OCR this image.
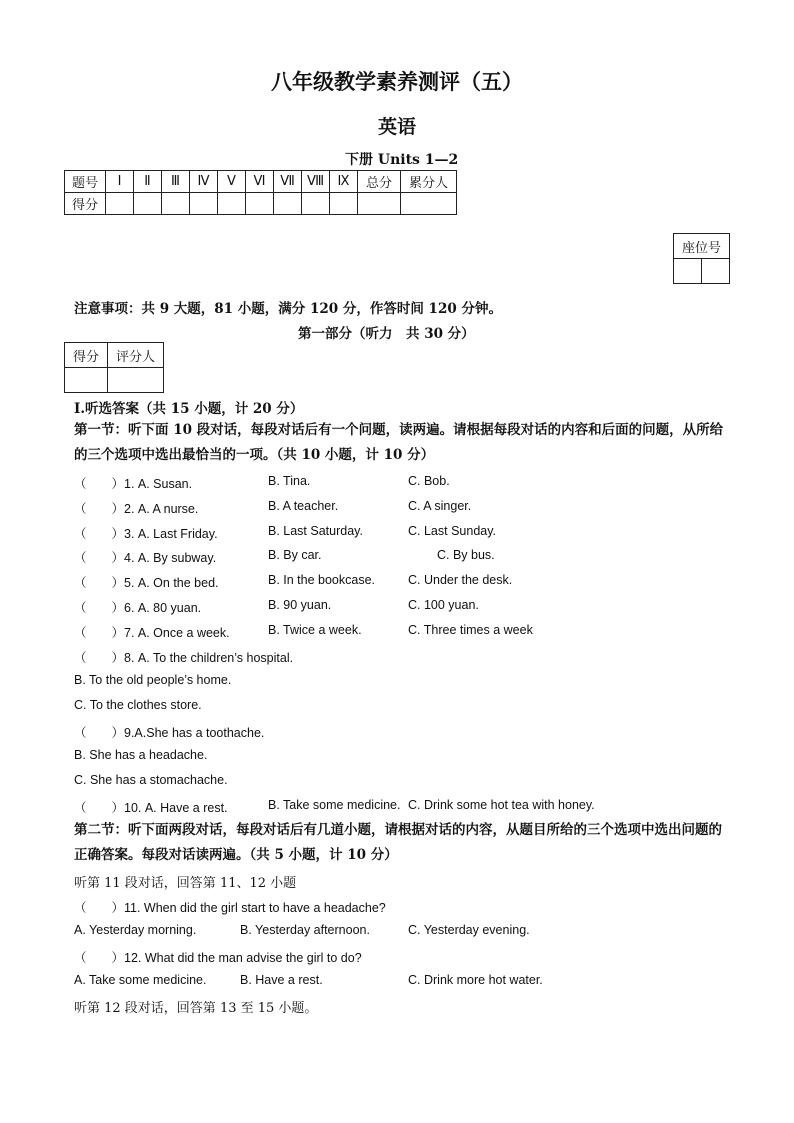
八年级教学素养测评（五）
英语
下册 Units 1—2
题号	Ⅰ	Ⅱ	Ⅲ	Ⅳ	Ⅴ	Ⅵ	Ⅶ	Ⅷ	Ⅸ	总分	累分人
得分											
座位号

注意事项：共 9 大题，81 小题，满分 120 分，作答时间 120 分钟。
第一部分（听力　共 30 分）
得分	评分人

Ⅰ.听选答案（共 15 小题，计 20 分）
第一节：听下面 10 段对话，每段对话后有一个问题，读两遍。请根据每段对话的内容和后面的问题，从所给的三个选项中选出最恰当的一项。（共 10 小题，计 10 分）
（　　）1. A. Susan.	B. Tina.	C. Bob.
（　　）2. A. A nurse.	B. A teacher.	C. A singer.
（　　）3. A. Last Friday.	B. Last Saturday.	C. Last Sunday.
（　　）4. A. By subway.	B. By car.	C. By bus.
（　　）5. A. On the bed.	B. In the bookcase.	C. Under the desk.
（　　）6. A. 80 yuan.	B. 90 yuan.	C. 100 yuan.
（　　）7. A. Once a week.	B. Twice a week.	C. Three times a week
（　　）8. A. To the children’s hospital.
B. To the old people’s home.
C. To the clothes store.
（　　）9.A.She has a toothache.
B. She has a headache.
C. She has a stomachache.
（　　）10. A. Have a rest.	B. Take some medicine. C. Drink some hot tea with honey.
第二节：听下面两段对话，每段对话后有几道小题，请根据对话的内容，从题目所给的三个选项中选出问题的正确答案。每段对话读两遍。（共 5 小题，计 10 分）
听第 11 段对话，回答第 11、12 小题
（　　）11. When did the girl start to have a headache?
A. Yesterday morning.	B. Yesterday afternoon.	C. Yesterday evening.
（　　）12. What did the man advise the girl to do?
A. Take some medicine.	B. Have a rest.	C. Drink more hot water.
听第 12 段对话，回答第 13 至 15 小题。
